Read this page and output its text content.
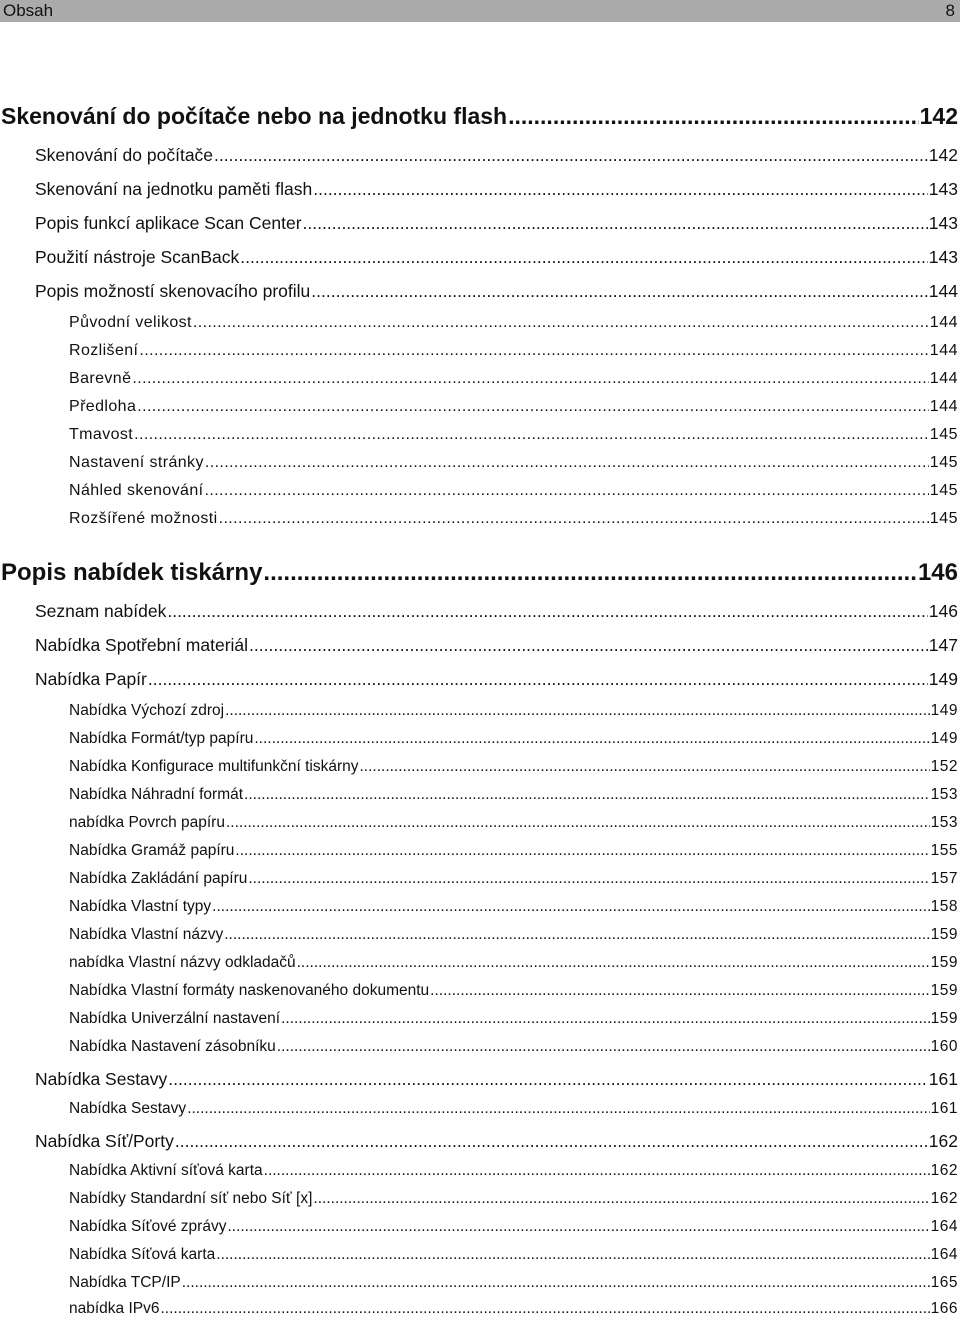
Obsah	8
Skenování do počítače nebo na jednotku flash .....	142
Skenování do počítače .....	142
Skenování na jednotku paměti flash .....	143
Popis funkcí aplikace Scan Center .....	143
Použití nástroje ScanBack .....	143
Popis možností skenovacího profilu .....	144
Původní velikost .....	144
Rozlišení .....	144
Barevně .....	144
Předloha .....	144
Tmavost .....	145
Nastavení stránky .....	145
Náhled skenování .....	145
Rozšířené možnosti .....	145
Popis nabídek tiskárny .....	146
Seznam nabídek .....	146
Nabídka Spotřební materiál .....	147
Nabídka Papír .....	149
Nabídka Výchozí zdroj .....	149
Nabídka Formát/typ papíru .....	149
Nabídka Konfigurace multifunkční tiskárny .....	152
Nabídka Náhradní formát .....	153
nabídka Povrch papíru .....	153
Nabídka Gramáž papíru .....	155
Nabídka Zakládání papíru .....	157
Nabídka Vlastní typy .....	158
Nabídka Vlastní názvy .....	159
nabídka Vlastní názvy odkladačů .....	159
Nabídka Vlastní formáty naskenovaného dokumentu .....	159
Nabídka Univerzální nastavení .....	159
Nabídka Nastavení zásobníku .....	160
Nabídka Sestavy .....	161
Nabídka Sestavy .....	161
Nabídka Síť/Porty .....	162
Nabídka Aktivní síťová karta .....	162
Nabídky Standardní síť nebo Síť [x] .....	162
Nabídka Síťové zprávy .....	164
Nabídka Síťová karta .....	164
Nabídka TCP/IP .....	165
nabídka IPv6 .....	166
